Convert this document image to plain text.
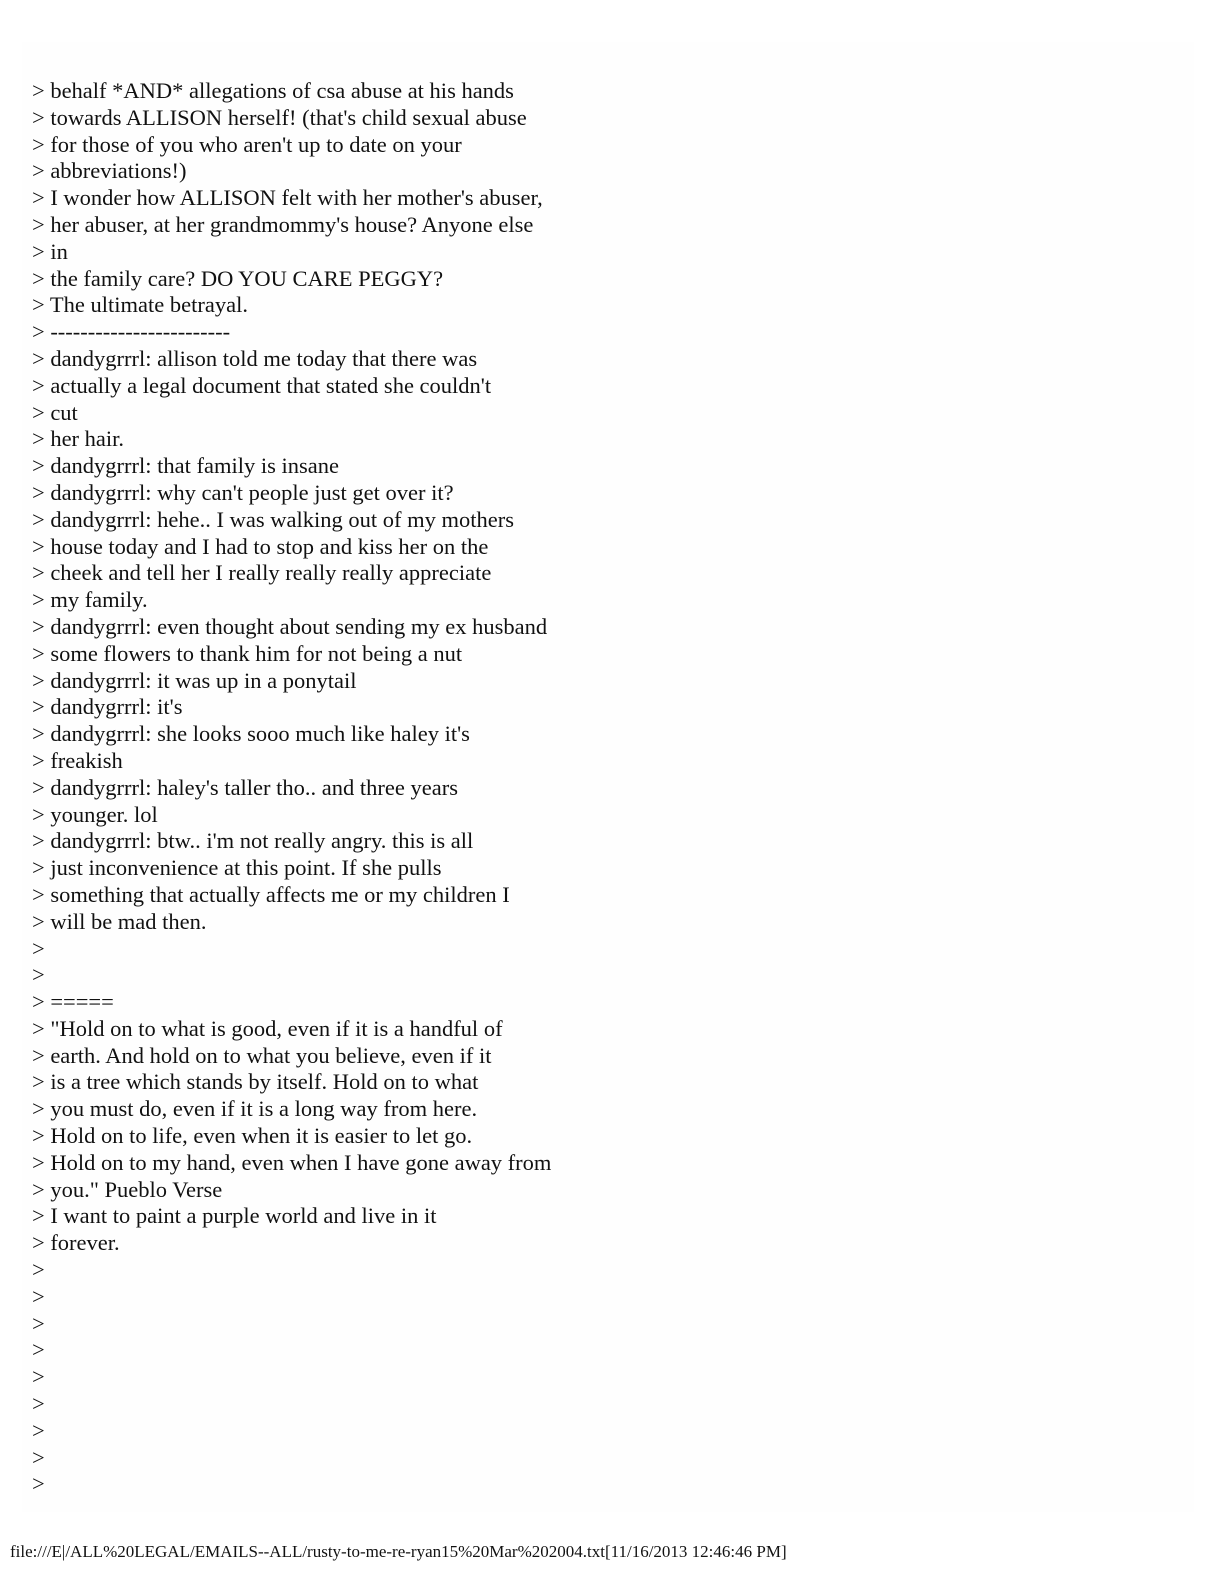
> behalf *AND* allegations of csa abuse at his hands
> towards ALLISON herself! (that's child sexual abuse
> for those of you who aren't up to date on your
> abbreviations!)
> I wonder how ALLISON felt with her mother's abuser,
> her abuser, at her grandmommy's house? Anyone else
> in
> the family care? DO YOU CARE PEGGY?
> The ultimate betrayal.
> ------------------------
> dandygrrrl: allison told me today that there was
> actually a legal document that stated she couldn't
> cut
> her hair.
> dandygrrrl: that family is insane
> dandygrrrl: why can't people just get over it?
> dandygrrrl: hehe.. I was walking out of my mothers
> house today and I had to stop and kiss her on the
> cheek and tell her I really really really appreciate
> my family.
> dandygrrrl: even thought about sending my ex husband
> some flowers to thank him for not being a nut
> dandygrrrl: it was up in a ponytail
> dandygrrrl: it's
> dandygrrrl: she looks sooo much like haley it's
> freakish
> dandygrrrl: haley's taller tho.. and three years
> younger. lol
> dandygrrrl: btw.. i'm not really angry. this is all
> just inconvenience at this point. If she pulls
> something that actually affects me or my children I
> will be mad then.
>
>
> =====
> "Hold on to what is good, even if it is a handful of
> earth. And hold on to what you believe, even if it
> is a tree which stands by itself. Hold on to what
> you must do, even if it is a long way from here.
> Hold on to life, even when it is easier to let go.
> Hold on to my hand, even when I have gone away from
> you." Pueblo Verse
> I want to paint a purple world and live in it
> forever.
>
>
>
>
>
>
>
>
>
file:///E|/ALL%20LEGAL/EMAILS--ALL/rusty-to-me-re-ryan15%20Mar%202004.txt[11/16/2013 12:46:46 PM]
